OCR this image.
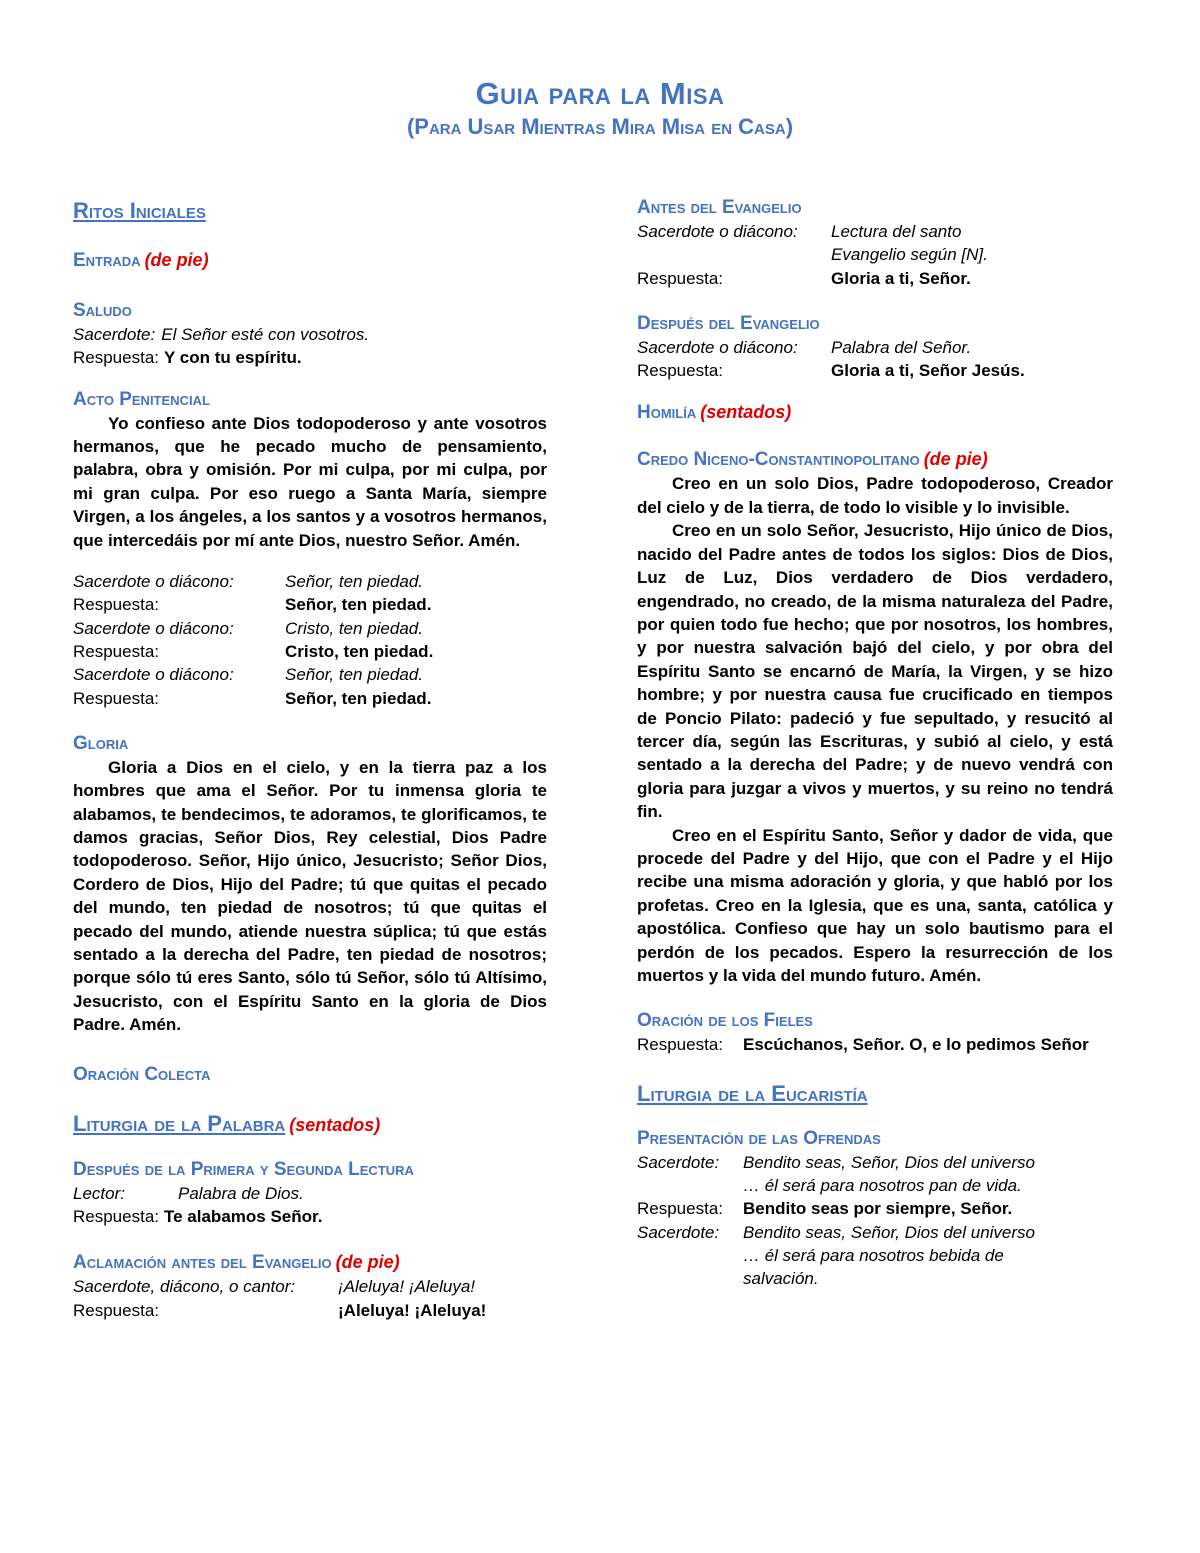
Guia para la Misa
(Para Usar Mientras Mira Misa en Casa)
Ritos Iniciales
Entrada (de pie)
Saludo
Sacerdote: El Señor esté con vosotros.
Respuesta: Y con tu espíritu.
Acto Penitencial

Yo confieso ante Dios todopoderoso y ante vosotros hermanos, que he pecado mucho de pensamiento, palabra, obra y omisión. Por mi culpa, por mi culpa, por mi gran culpa. Por eso ruego a Santa María, siempre Virgen, a los ángeles, a los santos y a vosotros hermanos, que intercedáis por mí ante Dios, nuestro Señor. Amén.

Sacerdote o diácono:	Señor, ten piedad.
Respuesta:	Señor, ten piedad.
Sacerdote o diácono:	Cristo, ten piedad.
Respuesta:	Cristo, ten piedad.
Sacerdote o diácono:	Señor, ten piedad.
Respuesta:	Señor, ten piedad.
Gloria

Gloria a Dios en el cielo, y en la tierra paz a los hombres que ama el Señor. Por tu inmensa gloria te alabamos, te bendecimos, te adoramos, te glorificamos, te damos gracias, Señor Dios, Rey celestial, Dios Padre todopoderoso. Señor, Hijo único, Jesucristo; Señor Dios, Cordero de Dios, Hijo del Padre; tú que quitas el pecado del mundo, ten piedad de nosotros; tú que quitas el pecado del mundo, atiende nuestra súplica; tú que estás sentado a la derecha del Padre, ten piedad de nosotros; porque sólo tú eres Santo, sólo tú Señor, sólo tú Altísimo, Jesucristo, con el Espíritu Santo en la gloria de Dios Padre. Amén.

Oración Colecta
Liturgia de la Palabra (sentados)
Después de la Primera y Segunda Lectura
Lector:	Palabra de Dios.
Respuesta: Te alabamos Señor.
Aclamación antes del Evangelio (de pie)
Sacerdote, diácono, o cantor:	¡Aleluya! ¡Aleluya!
Respuesta:	¡Aleluya! ¡Aleluya!
Antes del Evangelio
Sacerdote o diácono:	Lectura del santo
Evangelio según [N].
Respuesta:	Gloria a ti, Señor.
Después del Evangelio
Sacerdote o diácono:	Palabra del Señor.
Respuesta:	Gloria a ti, Señor Jesús.
Homilía (sentados)
Credo Niceno-Constantinopolitano (de pie)

Creo en un solo Dios, Padre todopoderoso, Creador del cielo y de la tierra, de todo lo visible y lo invisible.

Creo en un solo Señor, Jesucristo, Hijo único de Dios, nacido del Padre antes de todos los siglos: Dios de Dios, Luz de Luz, Dios verdadero de Dios verdadero, engendrado, no creado, de la misma naturaleza del Padre, por quien todo fue hecho; que por nosotros, los hombres, y por nuestra salvación bajó del cielo, y por obra del Espíritu Santo se encarnó de María, la Virgen, y se hizo hombre; y por nuestra causa fue crucificado en tiempos de Poncio Pilato: padeció y fue sepultado, y resucitó al tercer día, según las Escrituras, y subió al cielo, y está sentado a la derecha del Padre; y de nuevo vendrá con gloria para juzgar a vivos y muertos, y su reino no tendrá fin.

Creo en el Espíritu Santo, Señor y dador de vida, que procede del Padre y del Hijo, que con el Padre y el Hijo recibe una misma adoración y gloria, y que habló por los profetas. Creo en la Iglesia, que es una, santa, católica y apostólica. Confieso que hay un solo bautismo para el perdón de los pecados. Espero la resurrección de los muertos y la vida del mundo futuro. Amén.

Oración de los Fieles
Respuesta:	Escúchanos, Señor. O, e lo pedimos Señor
Liturgia de la Eucaristía
Presentación de las Ofrendas
Sacerdote:	Bendito seas, Señor, Dios del universo … él será para nosotros pan de vida.
Respuesta:	Bendito seas por siempre, Señor.
Sacerdote:	Bendito seas, Señor, Dios del universo … él será para nosotros bebida de salvación.
